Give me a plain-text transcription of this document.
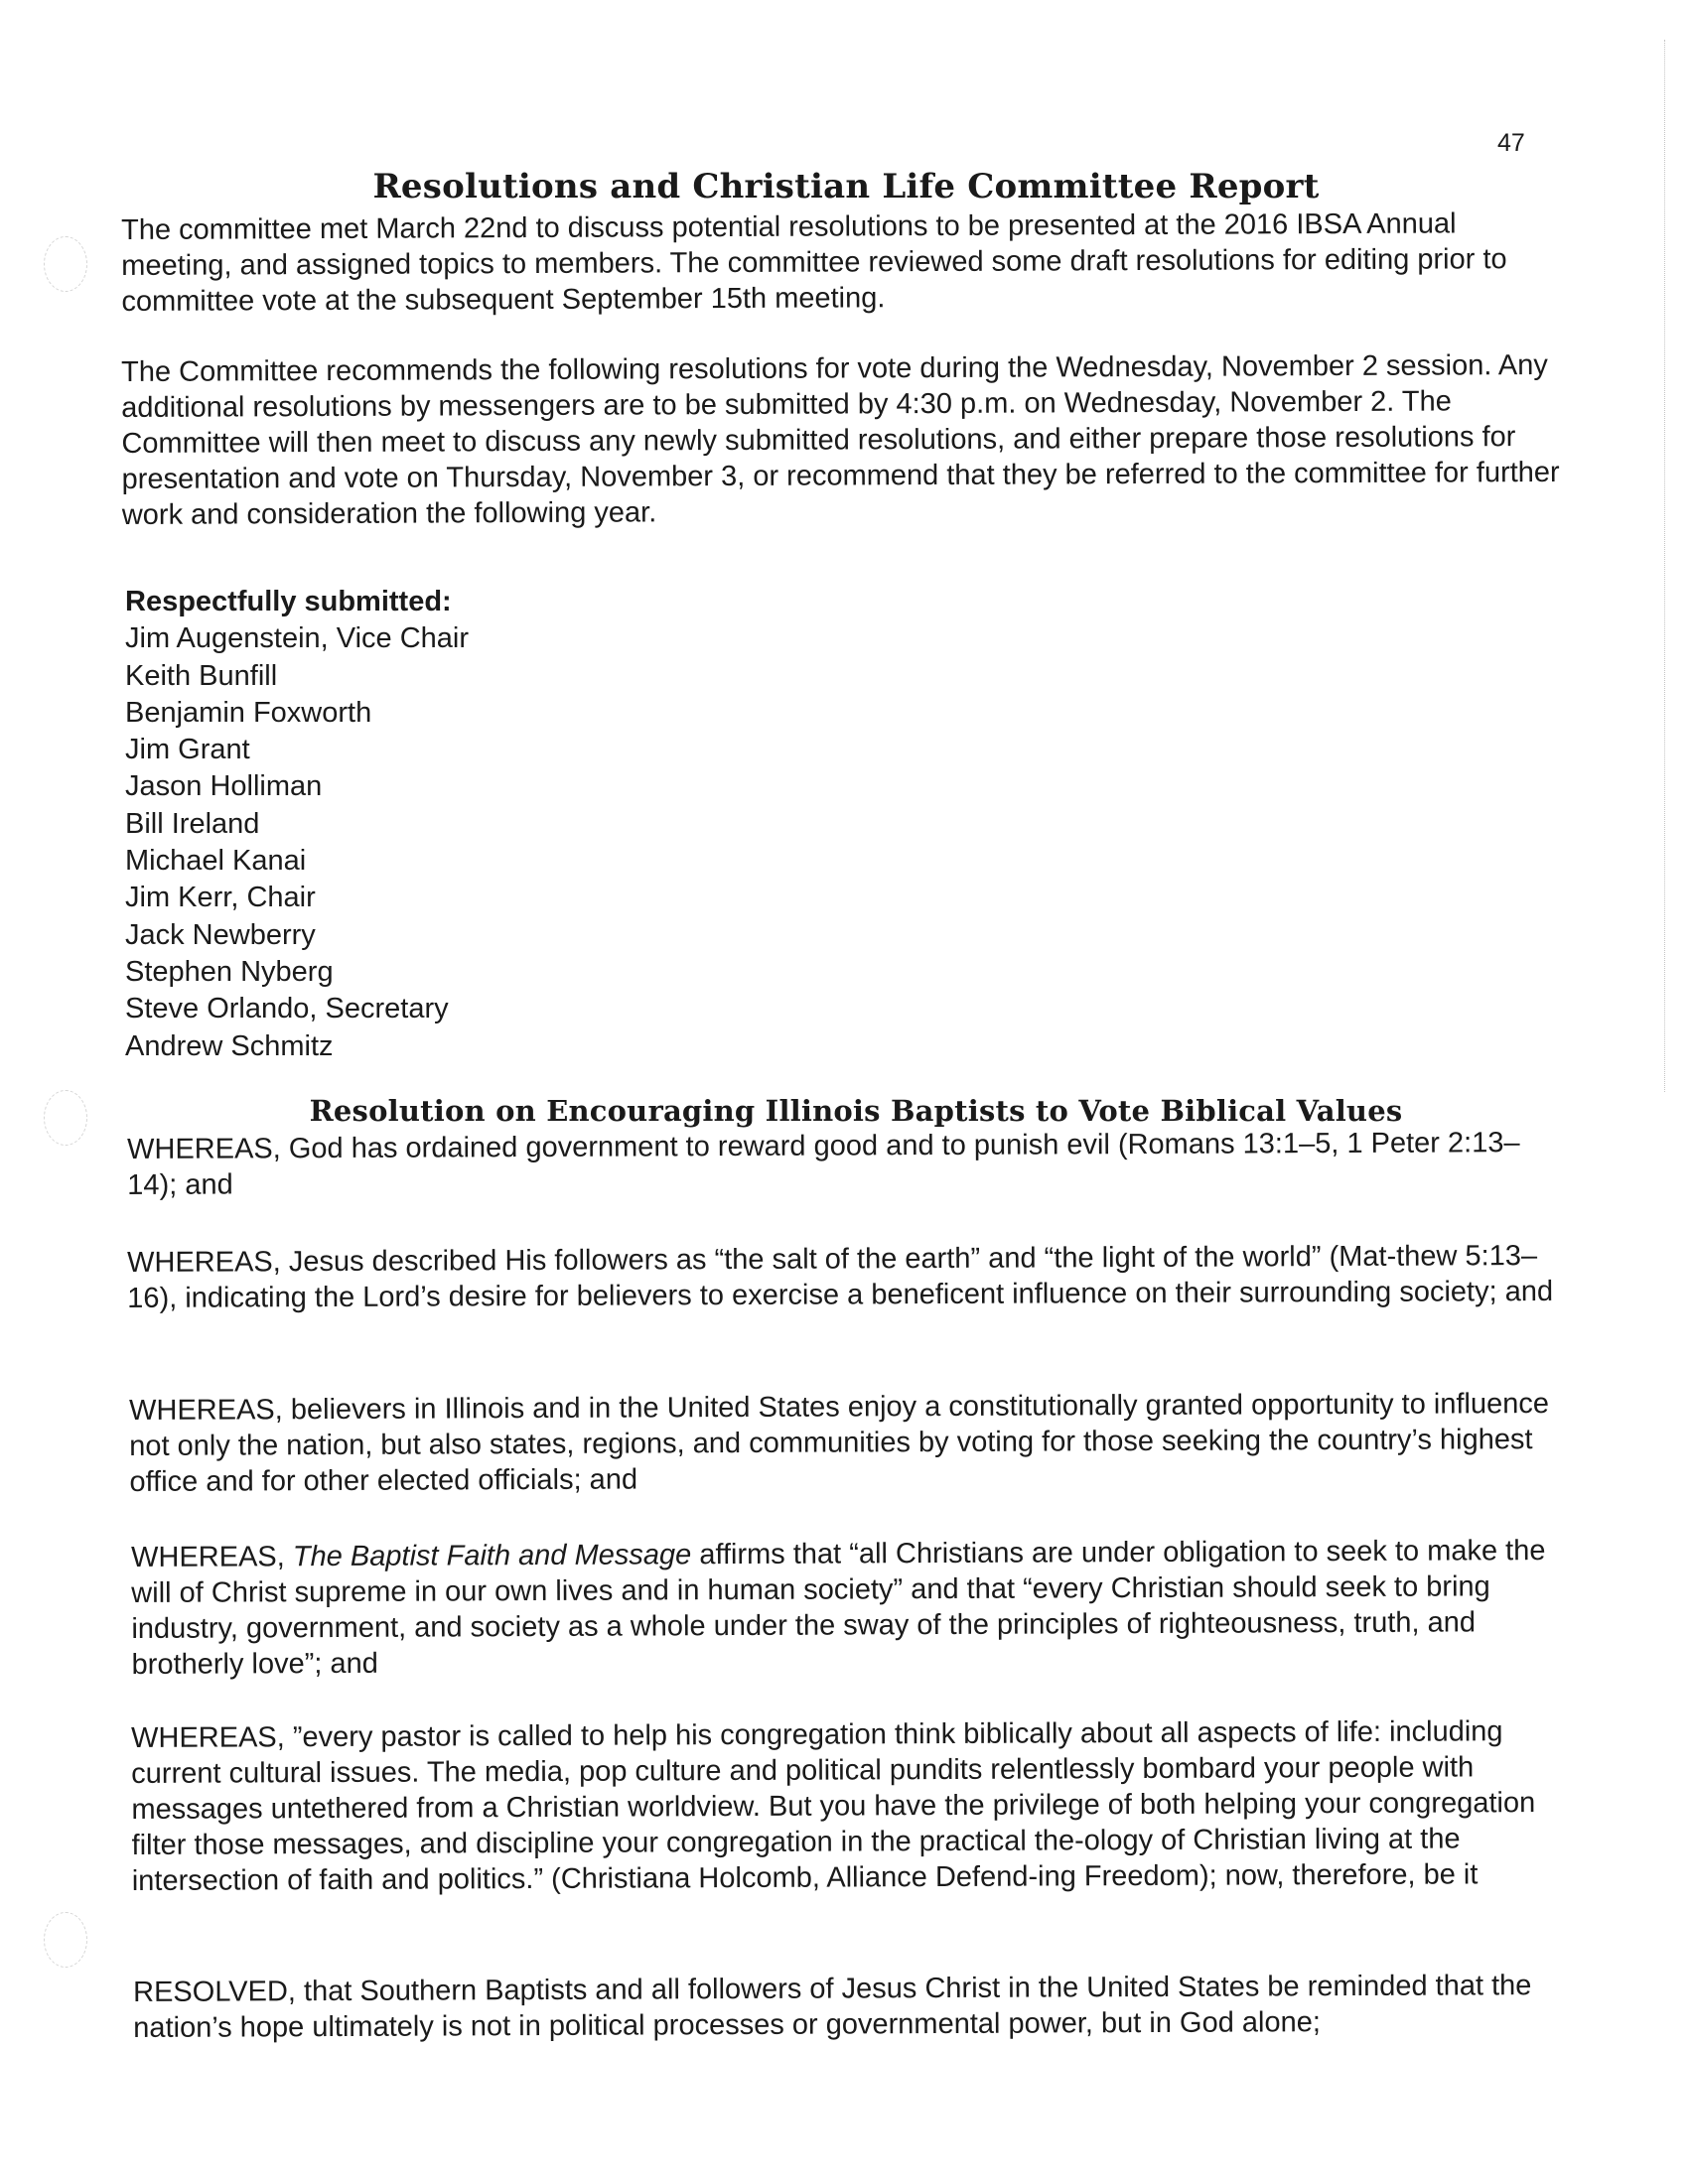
47
Resolutions and Christian Life Committee Report

The committee met March 22nd to discuss potential resolutions to be presented at the 2016 IBSA Annual meeting, and assigned topics to members. The committee reviewed some draft resolutions for editing prior to committee vote at the subsequent September 15th meeting.

The Committee recommends the following resolutions for vote during the Wednesday, November 2 session. Any additional resolutions by messengers are to be submitted by 4:30 p.m. on Wednesday, November 2. The Committee will then meet to discuss any newly submitted resolutions, and either prepare those resolutions for presentation and vote on Thursday, November 3, or recommend that they be referred to the committee for further work and consideration the following year.

Respectfully submitted:
Jim Augenstein, Vice Chair
Keith Bunfill
Benjamin Foxworth
Jim Grant
Jason Holliman
Bill Ireland
Michael Kanai
Jim Kerr, Chair
Jack Newberry
Stephen Nyberg
Steve Orlando, Secretary
Andrew Schmitz
Resolution on Encouraging Illinois Baptists to Vote Biblical Values

WHEREAS, God has ordained government to reward good and to punish evil (Romans 13:1–5, 1 Peter 2:13–14); and

WHEREAS, Jesus described His followers as “the salt of the earth” and “the light of the world” (Mat-thew 5:13–16), indicating the Lord’s desire for believers to exercise a beneficent influence on their surrounding society; and

WHEREAS, believers in Illinois and in the United States enjoy a constitutionally granted opportunity to influence not only the nation, but also states, regions, and communities by voting for those seeking the country’s highest office and for other elected officials; and

WHEREAS, The Baptist Faith and Message affirms that “all Christians are under obligation to seek to make the will of Christ supreme in our own lives and in human society” and that “every Christian should seek to bring industry, government, and society as a whole under the sway of the principles of righteousness, truth, and brotherly love”; and

WHEREAS, ”every pastor is called to help his congregation think biblically about all aspects of life: including current cultural issues. The media, pop culture and political pundits relentlessly bombard your people with messages untethered from a Christian worldview. But you have the privilege of both helping your congregation filter those messages, and discipline your congregation in the practical the-ology of Christian living at the intersection of faith and politics.” (Christiana Holcomb, Alliance Defend-ing Freedom); now, therefore, be it

RESOLVED, that Southern Baptists and all followers of Jesus Christ in the United States be reminded that the nation’s hope ultimately is not in political processes or governmental power, but in God alone;
